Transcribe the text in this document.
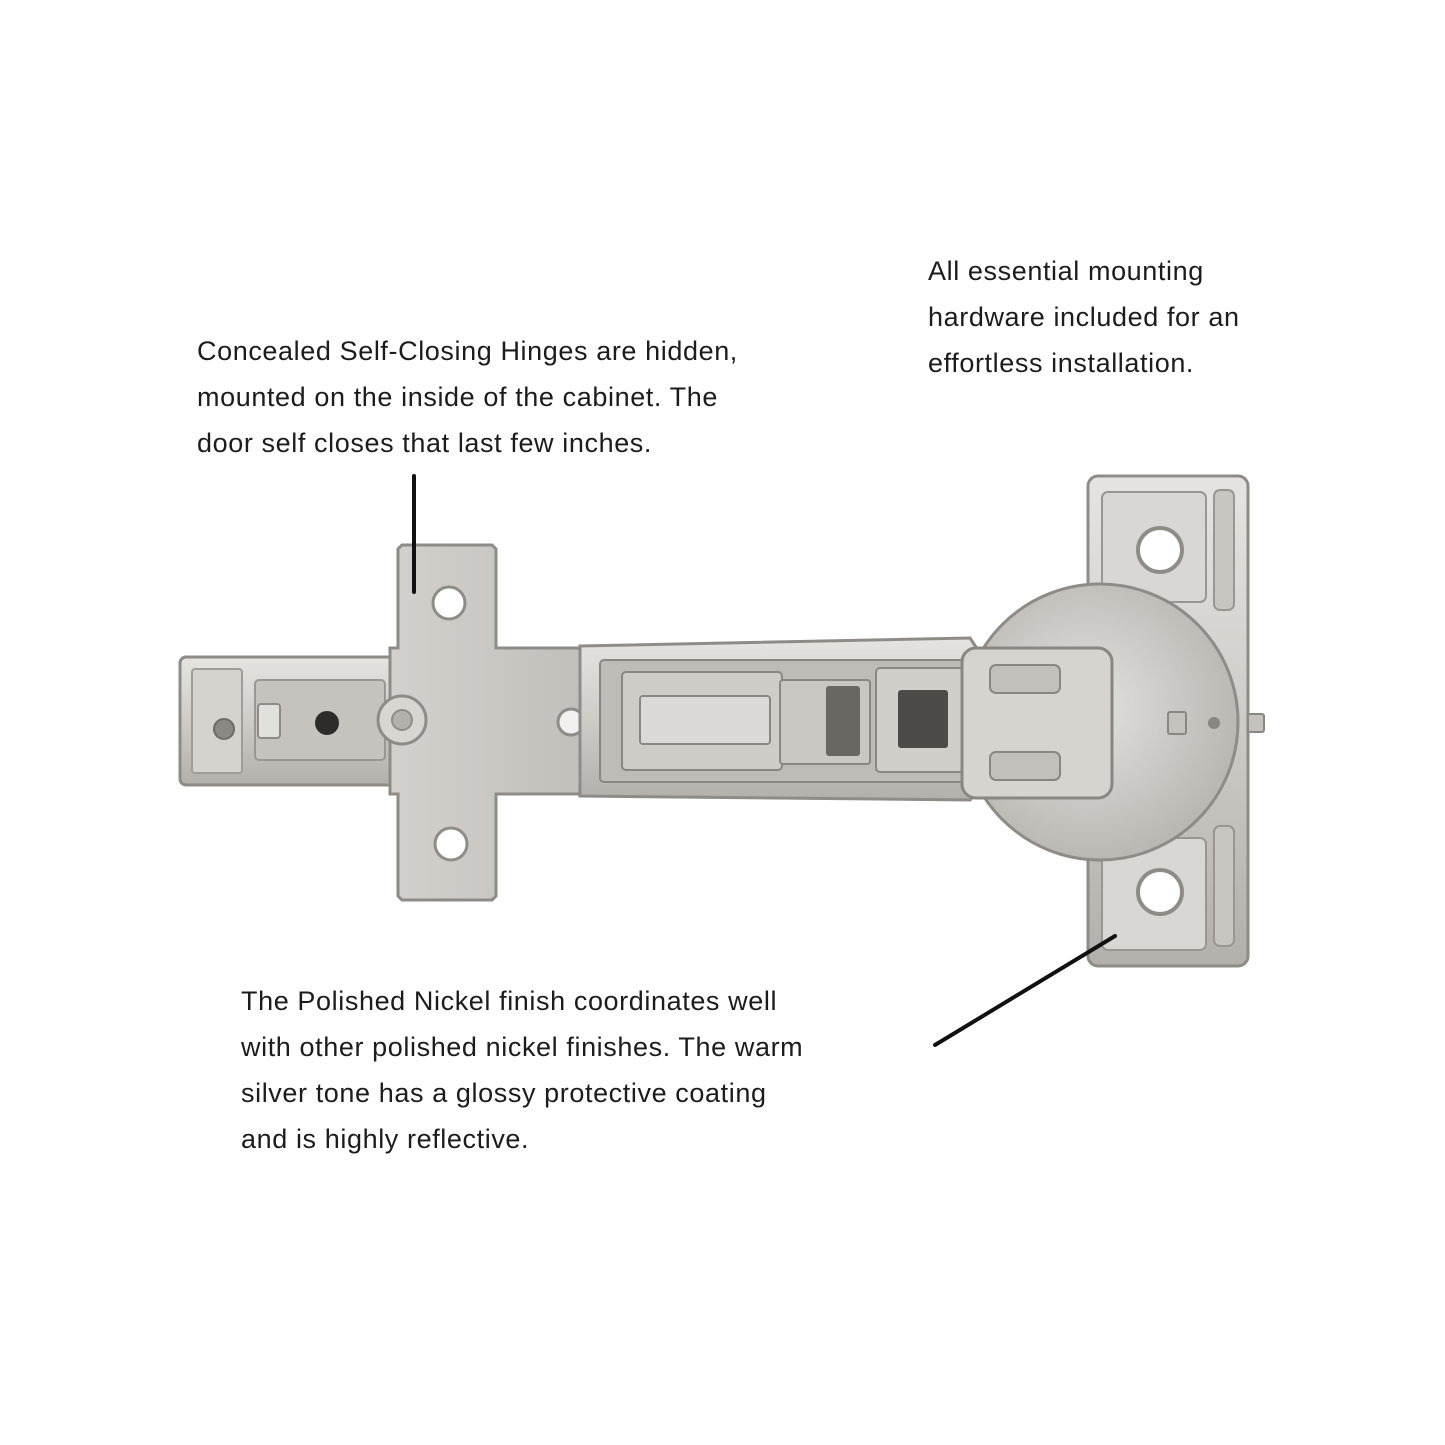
All essential mounting
hardware included for an
effortless installation.
Concealed Self-Closing Hinges are hidden,
mounted on the inside of the cabinet. The
door self closes that last few inches.
The Polished Nickel finish coordinates well
with other polished nickel finishes. The warm
silver tone has a glossy protective coating
and is highly reflective.
